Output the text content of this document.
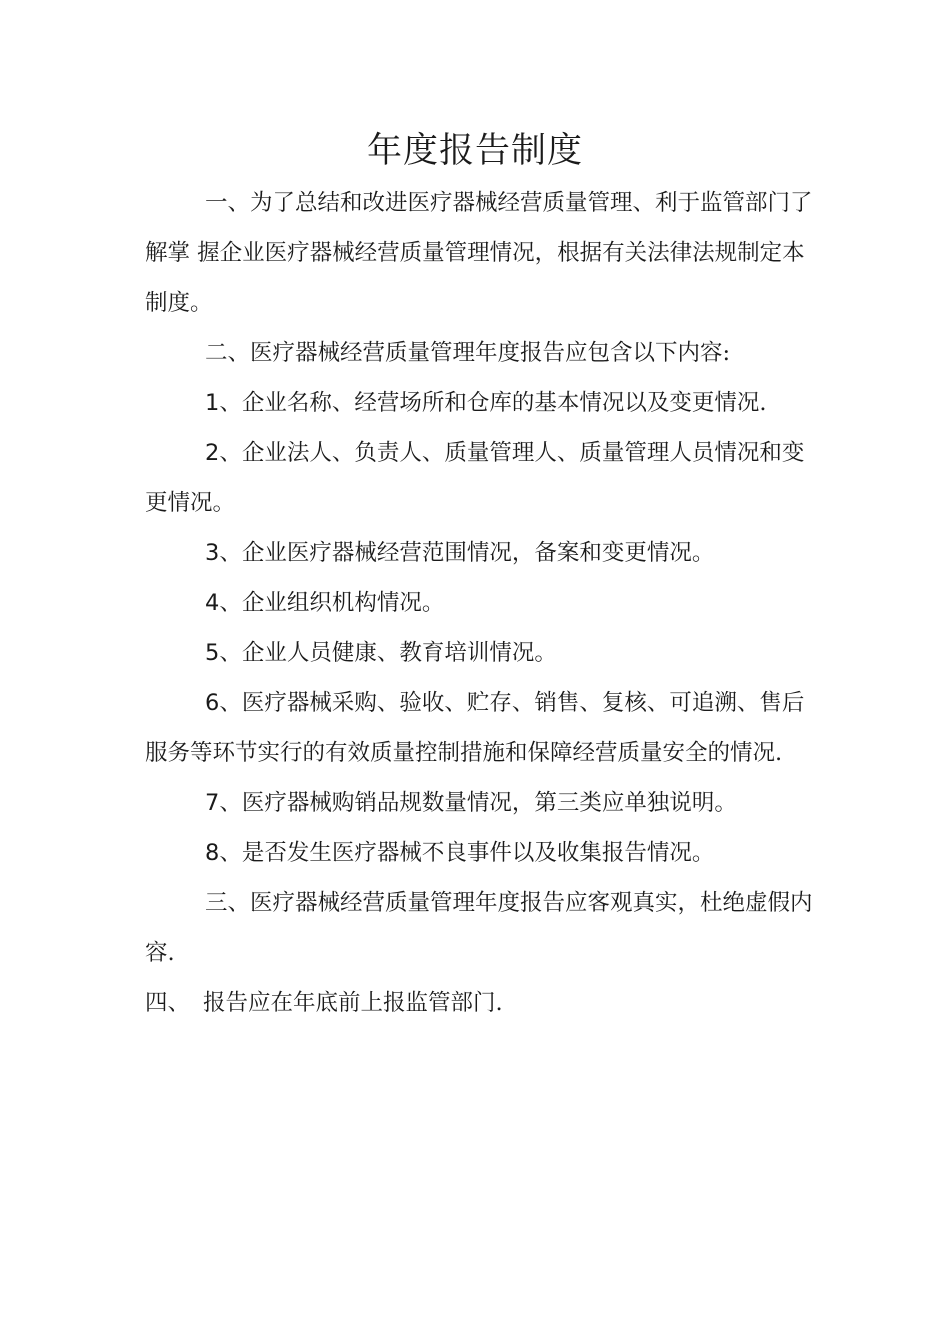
年度报告制度

一、为了总结和改进医疗器械经营质量管理、利于监管部门了解掌 握企业医疗器械经营质量管理情况，根据有关法律法规制定本制度。

二、医疗器械经营质量管理年度报告应包含以下内容:

1、企业名称、经营场所和仓库的基本情况以及变更情况.

2、企业法人、负责人、质量管理人、质量管理人员情况和变更情况。

3、企业医疗器械经营范围情况，备案和变更情况。

4、企业组织机构情况。

5、企业人员健康、教育培训情况。

6、医疗器械采购、验收、贮存、销售、复核、可追溯、售后服务等环节实行的有效质量控制措施和保障经营质量安全的情况.

7、医疗器械购销品规数量情况，第三类应单独说明。

8、是否发生医疗器械不良事件以及收集报告情况。

三、医疗器械经营质量管理年度报告应客观真实，杜绝虚假内容.

四、 报告应在年底前上报监管部门.
